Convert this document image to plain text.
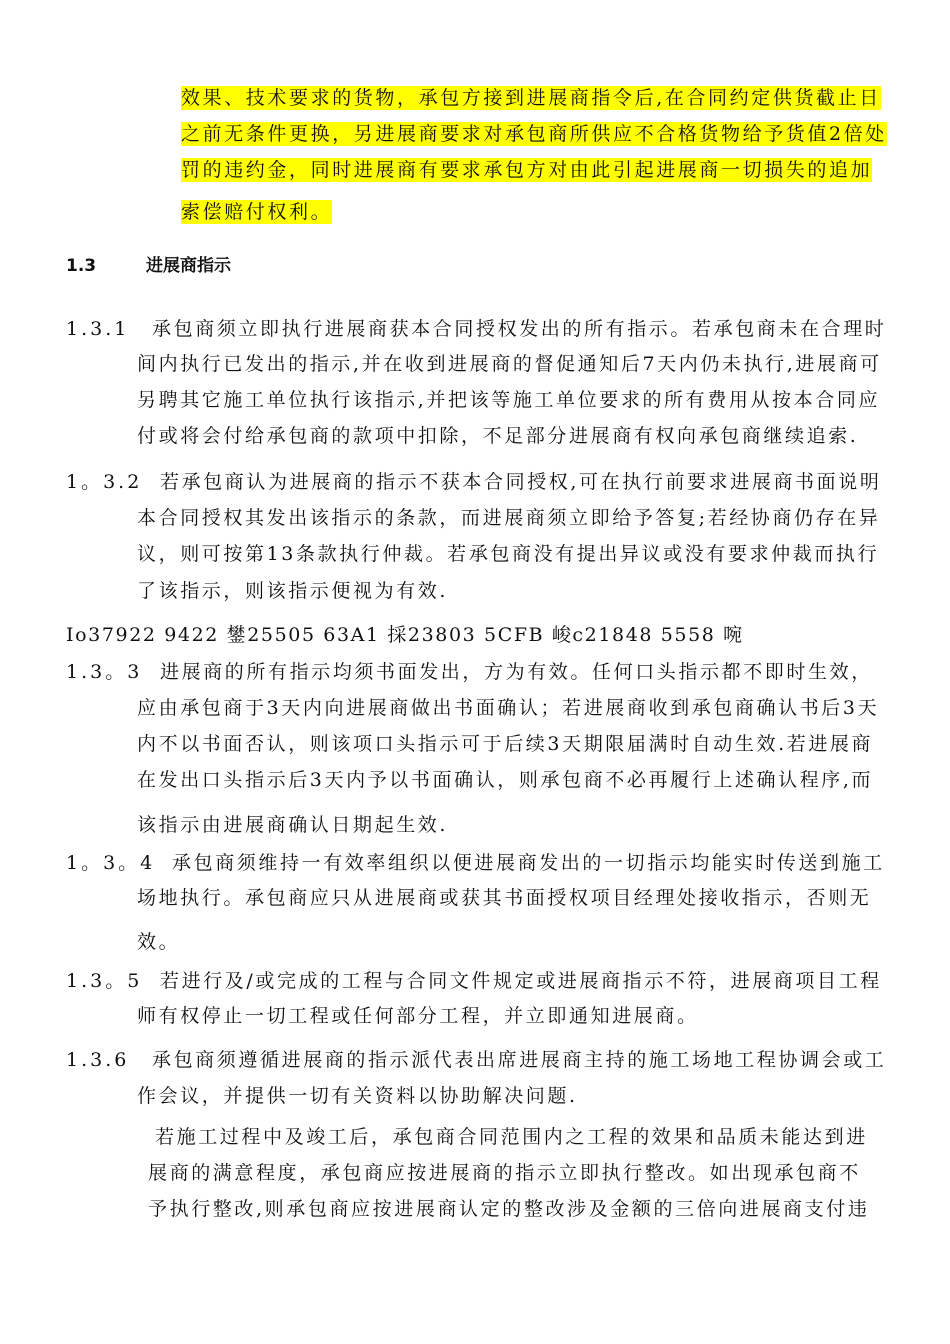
效果、技术要求的货物，承包方接到进展商指令后,在合同约定供货截止日
之前无条件更换，另进展商要求对承包商所供应不合格货物给予货值2倍处
罚的违约金，同时进展商有要求承包方对由此引起进展商一切损失的追加
索偿赔付权利。
1.3	进展商指示
1.3.1 承包商须立即执行进展商获本合同授权发出的所有指示。若承包商未在合理时
间内执行已发出的指示,并在收到进展商的督促通知后7天内仍未执行,进展商可
另聘其它施工单位执行该指示,并把该等施工单位要求的所有费用从按本合同应
付或将会付给承包商的款项中扣除，不足部分进展商有权向承包商继续追索.
1。3.2 若承包商认为进展商的指示不获本合同授权,可在执行前要求进展商书面说明
本合同授权其发出该指示的条款，而进展商须立即给予答复;若经协商仍存在异
议，则可按第13条款执行仲裁。若承包商没有提出异议或没有要求仲裁而执行
了该指示，则该指示便视为有效.
Io37922 9422 鐢25505 63A1 採23803 5CFB 峻c21848 5558 啘
1.3。3 进展商的所有指示均须书面发出，方为有效。任何口头指示都不即时生效，
应由承包商于3天内向进展商做出书面确认；若进展商收到承包商确认书后3天
内不以书面否认，则该项口头指示可于后续3天期限届满时自动生效.若进展商
在发出口头指示后3天内予以书面确认，则承包商不必再履行上述确认程序,而
该指示由进展商确认日期起生效.
1。3。4 承包商须维持一有效率组织以便进展商发出的一切指示均能实时传送到施工
场地执行。承包商应只从进展商或获其书面授权项目经理处接收指示，否则无
效。
1.3。5 若进行及/或完成的工程与合同文件规定或进展商指示不符，进展商项目工程
师有权停止一切工程或任何部分工程，并立即通知进展商。
1.3.6 承包商须遵循进展商的指示派代表出席进展商主持的施工场地工程协调会或工
作会议，并提供一切有关资料以协助解决问题.
若施工过程中及竣工后，承包商合同范围内之工程的效果和品质未能达到进
展商的满意程度，承包商应按进展商的指示立即执行整改。如出现承包商不
予执行整改,则承包商应按进展商认定的整改涉及金额的三倍向进展商支付违
